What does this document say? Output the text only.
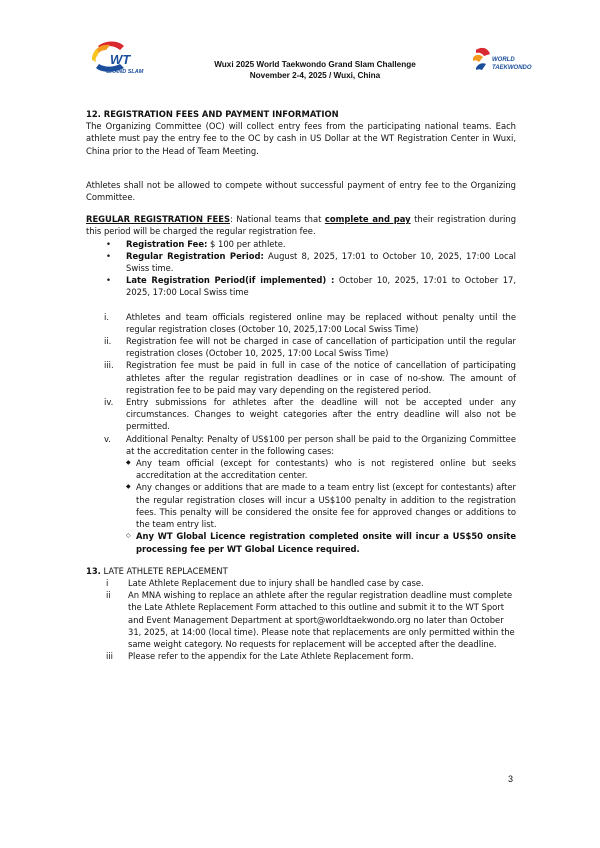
WT
GRAND SLAM
Wuxi 2025 World Taekwondo Grand Slam Challenge
November 2-4, 2025 / Wuxi, China
WORLD
TAEKWONDO

12. REGISTRATION FEES AND PAYMENT INFORMATION

The Organizing Committee (OC) will collect entry fees from the participating national teams. Each athlete must pay the entry fee to the OC by cash in US Dollar at the WT Registration Center in Wuxi, China prior to the Head of Team Meeting.

Athletes shall not be allowed to compete without successful payment of entry fee to the Organizing Committee.

REGULAR REGISTRATION FEES: National teams that complete and pay their registration during this period will be charged the regular registration fee.

• Registration Fee: $ 100 per athlete.
• Regular Registration Period: August 8, 2025, 17:01 to October 10, 2025, 17:00 Local Swiss time.
• Late Registration Period(if implemented) : October 10, 2025, 17:01 to October 17, 2025, 17:00 Local Swiss time
i.	Athletes and team officials registered online may be replaced without penalty until the regular registration closes (October 10, 2025,17:00 Local Swiss Time)
ii.	Registration fee will not be charged in case of cancellation of participation until the regular registration closes (October 10, 2025, 17:00 Local Swiss Time)
iii.	Registration fee must be paid in full in case of the notice of cancellation of participating athletes after the regular registration deadlines or in case of no-show. The amount of registration fee to be paid may vary depending on the registered period.
iv.	Entry submissions for athletes after the deadline will not be accepted under any circumstances. Changes to weight categories after the entry deadline will also not be permitted.
v.	Additional Penalty: Penalty of US$100 per person shall be paid to the Organizing Committee at the accreditation center in the following cases:
◆ Any team official (except for contestants) who is not registered online but seeks accreditation at the accreditation center.
◆ Any changes or additions that are made to a team entry list (except for contestants) after the regular registration closes will incur a US$100 penalty in addition to the registration fees. This penalty will be considered the onsite fee for approved changes or additions to the team entry list.
◇ Any WT Global Licence registration completed onsite will incur a US$50 onsite processing fee per WT Global Licence required.

13. LATE ATHLETE REPLACEMENT

i Late Athlete Replacement due to injury shall be handled case by case.
ii An MNA wishing to replace an athlete after the regular registration deadline must complete the Late Athlete Replacement Form attached to this outline and submit it to the WT Sport and Event Management Department at sport@worldtaekwondo.org no later than October 31, 2025, at 14:00 (local time). Please note that replacements are only permitted within the same weight category. No requests for replacement will be accepted after the deadline.
iii Please refer to the appendix for the Late Athlete Replacement form.
3
